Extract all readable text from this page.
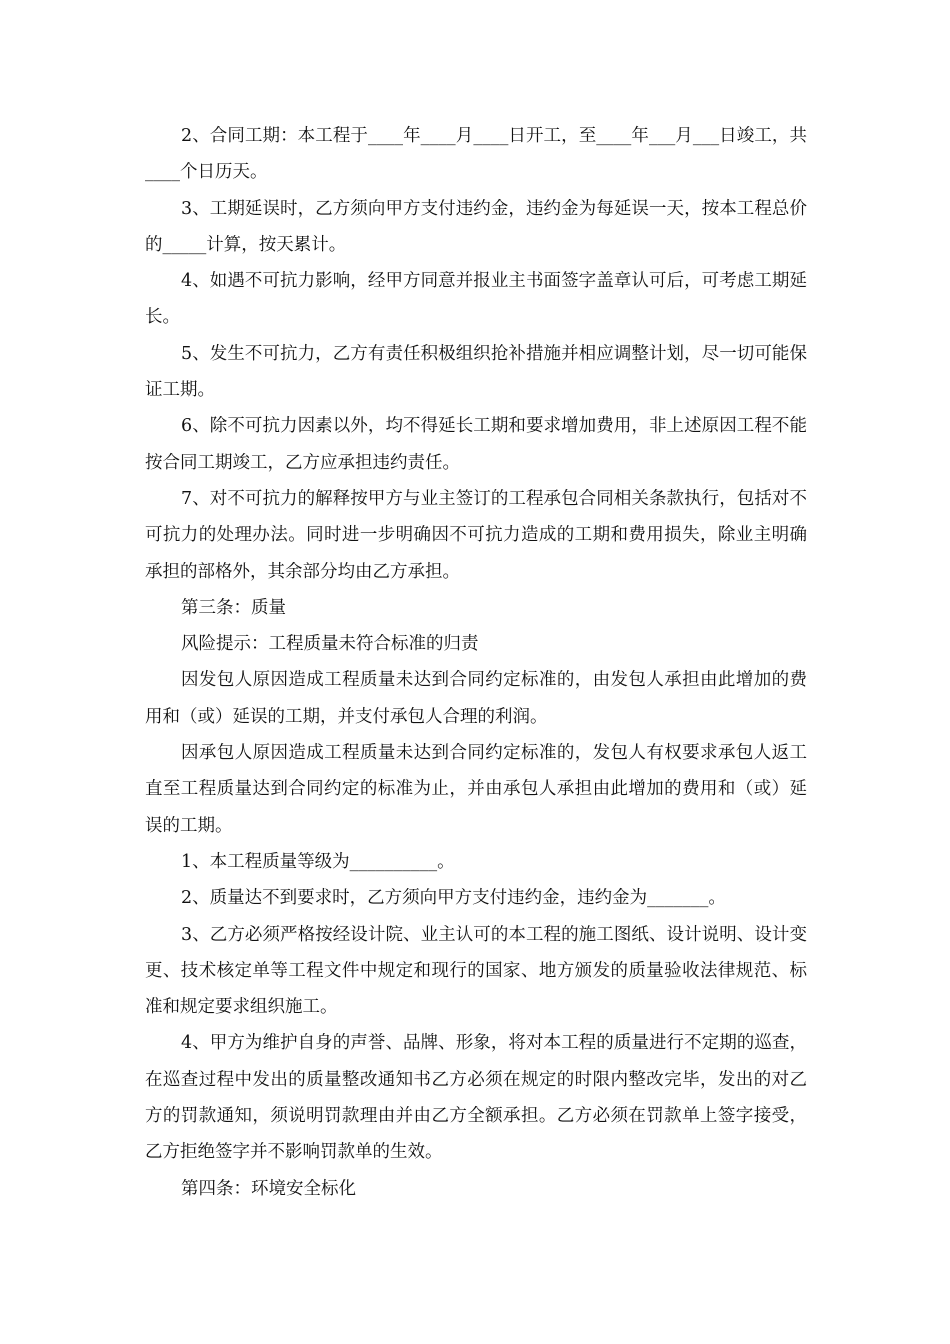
2、合同工期：本工程于____年____月____日开工，至____年___月___日竣工，共____个日历天。

3、工期延误时，乙方须向甲方支付违约金，违约金为每延误一天，按本工程总价的_____计算，按天累计。

4、如遇不可抗力影响，经甲方同意并报业主书面签字盖章认可后，可考虑工期延长。

5、发生不可抗力，乙方有责任积极组织抢补措施并相应调整计划，尽一切可能保证工期。

6、除不可抗力因素以外，均不得延长工期和要求增加费用，非上述原因工程不能按合同工期竣工，乙方应承担违约责任。

7、对不可抗力的解释按甲方与业主签订的工程承包合同相关条款执行，包括对不可抗力的处理办法。同时进一步明确因不可抗力造成的工期和费用损失，除业主明确承担的部格外，其余部分均由乙方承担。

第三条：质量

风险提示：工程质量未符合标准的归责

因发包人原因造成工程质量未达到合同约定标准的，由发包人承担由此增加的费用和（或）延误的工期，并支付承包人合理的利润。

因承包人原因造成工程质量未达到合同约定标准的，发包人有权要求承包人返工直至工程质量达到合同约定的标准为止，并由承包人承担由此增加的费用和（或）延误的工期。

1、本工程质量等级为__________。

2、质量达不到要求时，乙方须向甲方支付违约金，违约金为_______。

3、乙方必须严格按经设计院、业主认可的本工程的施工图纸、设计说明、设计变更、技术核定单等工程文件中规定和现行的国家、地方颁发的质量验收法律规范、标准和规定要求组织施工。

4、甲方为维护自身的声誉、品牌、形象，将对本工程的质量进行不定期的巡查，在巡查过程中发出的质量整改通知书乙方必须在规定的时限内整改完毕，发出的对乙方的罚款通知，须说明罚款理由并由乙方全额承担。乙方必须在罚款单上签字接受，乙方拒绝签字并不影响罚款单的生效。

第四条：环境安全标化
